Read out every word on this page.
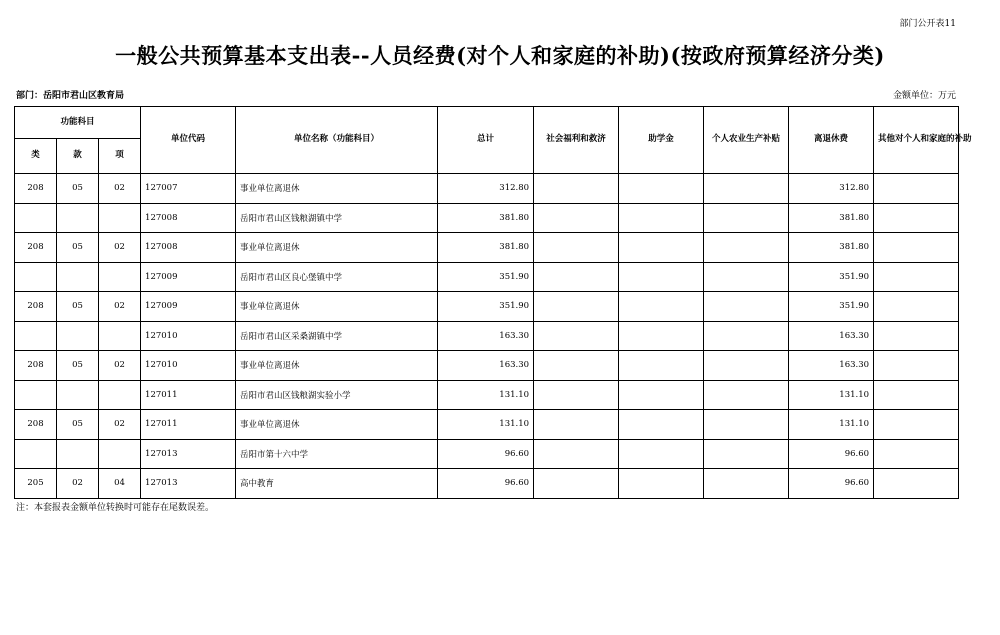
部门公开表11
一般公共预算基本支出表--人员经费(对个人和家庭的补助)(按政府预算经济分类)
部门：岳阳市君山区教育局	金额单位：万元
功能科目			单位代码	单位名称（功能科目）	总计	社会福利和救济	助学金	个人农业生产补贴	离退休费	其他对个人和家庭的补助
类	款	项								
208	05	02	127007	事业单位离退休	312.80				312.80	
			127008	岳阳市君山区钱粮湖镇中学	381.80				381.80	
208	05	02	127008	事业单位离退休	381.80				381.80	
			127009	岳阳市君山区良心堡镇中学	351.90				351.90	
208	05	02	127009	事业单位离退休	351.90				351.90	
			127010	岳阳市君山区采桑湖镇中学	163.30				163.30	
208	05	02	127010	事业单位离退休	163.30				163.30	
			127011	岳阳市君山区钱粮湖实验小学	131.10				131.10	
208	05	02	127011	事业单位离退休	131.10				131.10	
			127013	岳阳市第十六中学	96.60				96.60	
205	02	04	127013	高中教育	96.60				96.60	
注：本套报表金额单位转换时可能存在尾数误差。
